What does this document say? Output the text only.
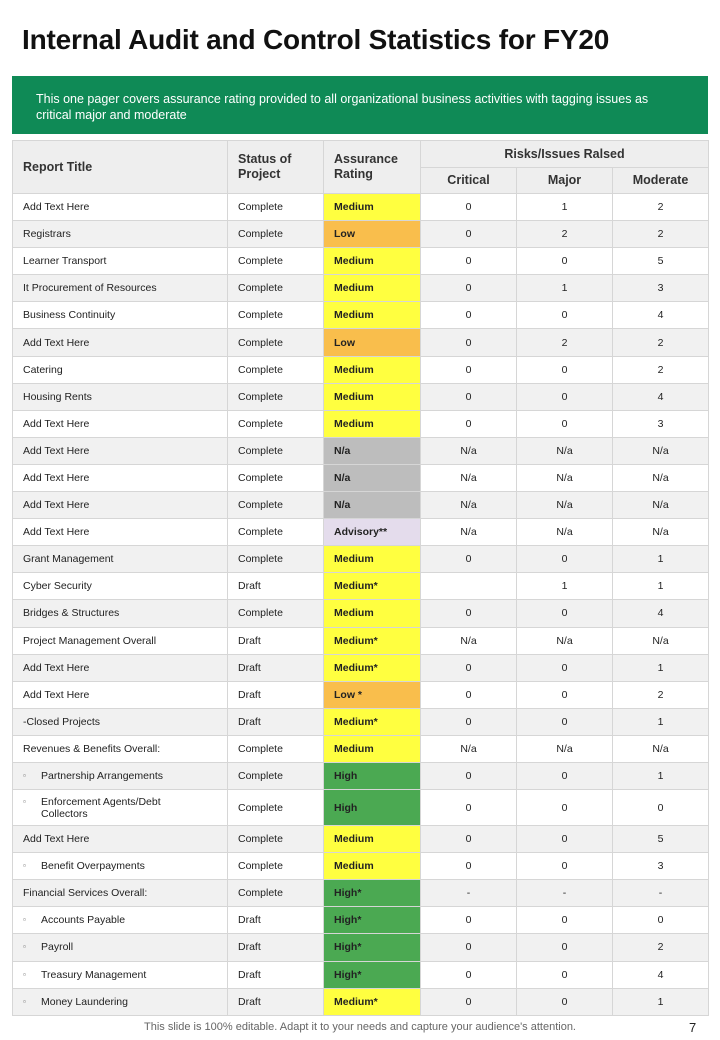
Internal Audit and Control Statistics for FY20
This one pager covers assurance rating provided to all organizational business activities with tagging issues as critical major and moderate
Report Title	Status of Project	Assurance Rating	Risks/Issues Ralsed		
			Critical	Major	Moderate
Add Text Here	Complete	Medium	0	1	2
Registrars	Complete	Low	0	2	2
Learner Transport	Complete	Medium	0	0	5
It Procurement of Resources	Complete	Medium	0	1	3
Business Continuity	Complete	Medium	0	0	4
Add Text Here	Complete	Low	0	2	2
Catering	Complete	Medium	0	0	2
Housing Rents	Complete	Medium	0	0	4
Add Text Here	Complete	Medium	0	0	3
Add Text Here	Complete	N/a	N/a	N/a	N/a
Add Text Here	Complete	N/a	N/a	N/a	N/a
Add Text Here	Complete	N/a	N/a	N/a	N/a
Add Text Here	Complete	Advisory**	N/a	N/a	N/a
Grant Management	Complete	Medium	0	0	1
Cyber Security	Draft	Medium*		1	1
Bridges & Structures	Complete	Medium	0	0	4
Project Management Overall	Draft	Medium*	N/a	N/a	N/a
Add Text Here	Draft	Medium*	0	0	1
Add Text Here	Draft	Low *	0	0	2
-Closed Projects	Draft	Medium*	0	0	1
Revenues & Benefits Overall:	Complete	Medium	N/a	N/a	N/a
▫ Partnership Arrangements	Complete	High	0	0	1
▫ Enforcement Agents/Debt Collectors	Complete	High	0	0	0
Add Text Here	Complete	Medium	0	0	5
▫ Benefit Overpayments	Complete	Medium	0	0	3
Financial Services Overall:	Complete	High*	-	-	-
▫ Accounts Payable	Draft	High*	0	0	0
▫ Payroll	Draft	High*	0	0	2
▫ Treasury Management	Draft	High*	0	0	4
▫ Money Laundering	Draft	Medium*	0	0	1
This slide is 100% editable. Adapt it to your needs and capture your audience's attention.	7
